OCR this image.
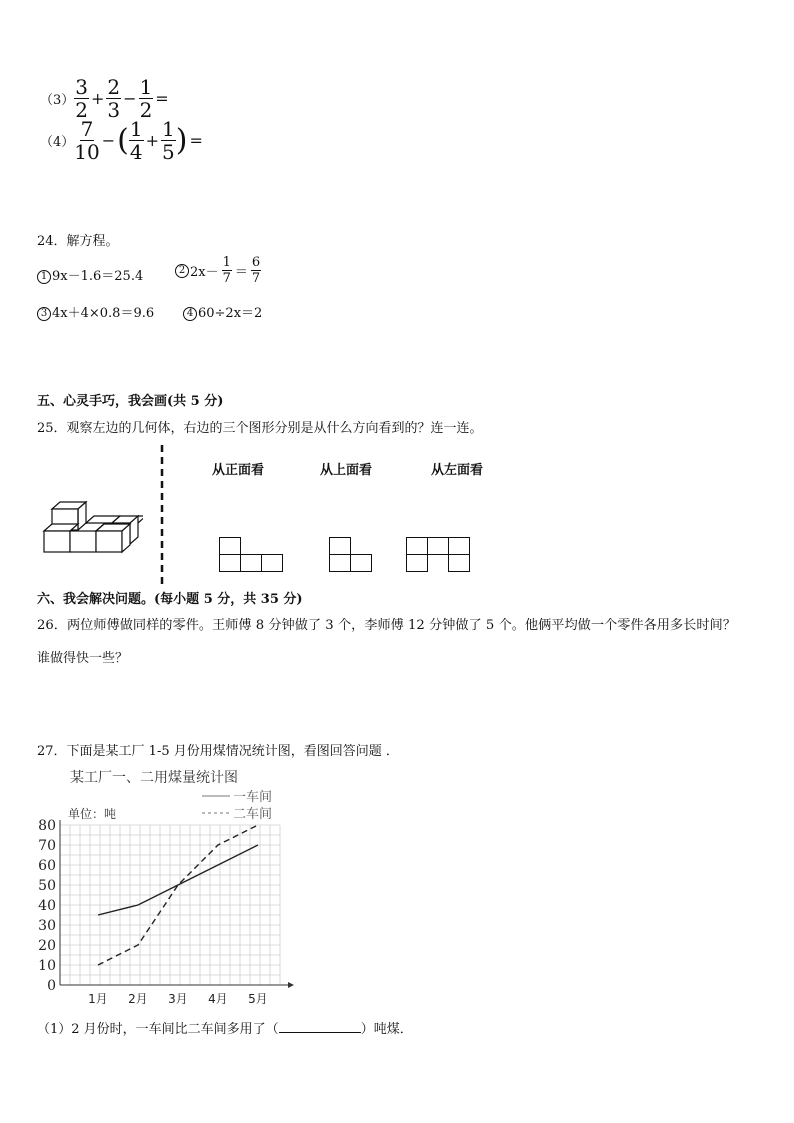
$(3) \frac{3}{2} + \frac{2}{3} - \frac{1}{2}$ =
$(4) \frac{7}{10}$ − ( $\frac{1}{4} + \frac{1}{5}$ ) =
24．解方程。
1 9x－1.6＝25.4	2 $2x- \frac{1}{7} = \frac{6}{7}$
3 4x＋4×0.8＝9.6	4 60÷2x＝2
五、心灵手巧，我会画(共 5 分)
25．观察左边的几何体，右边的三个图形分别是从什么方向看到的？连一连。
从正面看	从上面看	从左面看
六、我会解决问题。(每小题 5 分，共 35 分)
26．两位师傅做同样的零件。王师傅 8 分钟做了 3 个，李师傅 12 分钟做了 5 个。他俩平均做一个零件各用多长时间？
谁做得快一些？
27．下面是某工厂 1-5 月份用煤情况统计图，看图回答问题 ．
0
10
20
30
40
50
60
70
80
1月 2月 3月 4月 5月
某工厂一、二用煤量统计图
单位：吨
一车间
二车间
（1）2 月份时，一车间比二车间多用了（	）吨煤．
